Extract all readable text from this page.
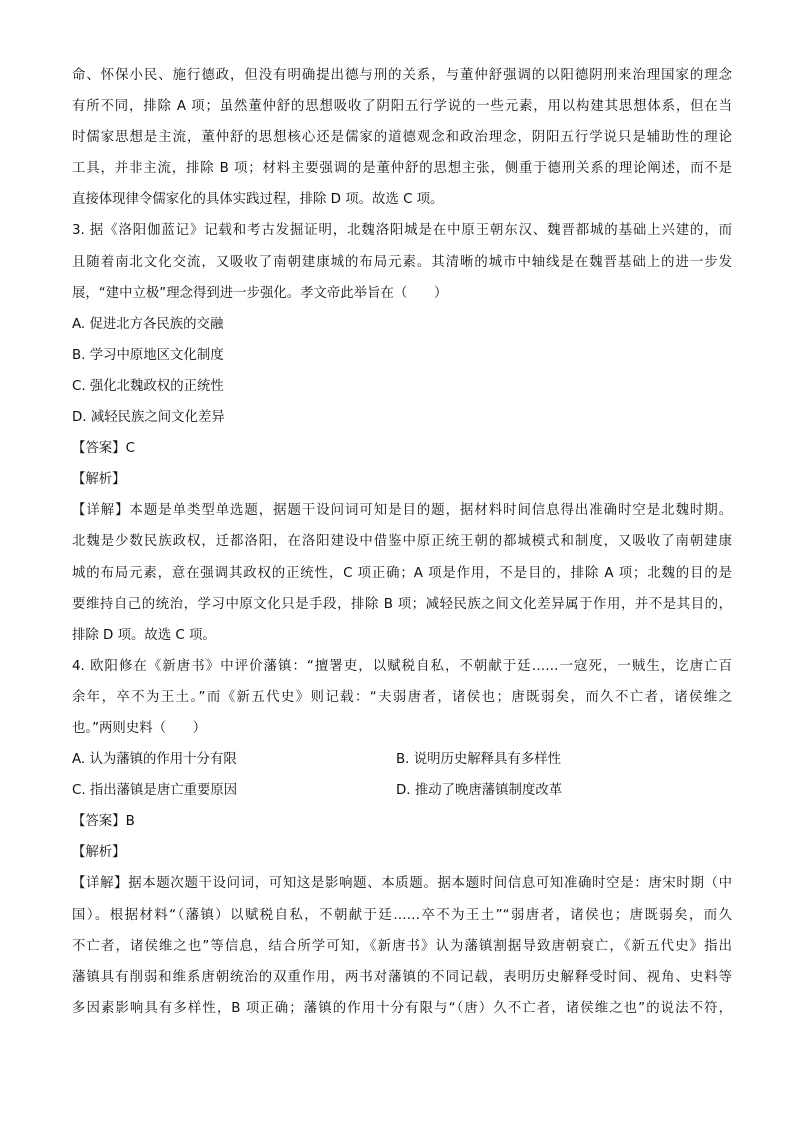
命、怀保小民、施行德政，但没有明确提出德与刑的关系，与董仲舒强调的以阳德阴刑来治理国家的理念
有所不同，排除 A 项；虽然董仲舒的思想吸收了阴阳五行学说的一些元素，用以构建其思想体系，但在当
时儒家思想是主流，董仲舒的思想核心还是儒家的道德观念和政治理念，阴阳五行学说只是辅助性的理论
工具，并非主流，排除 B 项；材料主要强调的是董仲舒的思想主张，侧重于德刑关系的理论阐述，而不是
直接体现律令儒家化的具体实践过程，排除 D 项。故选 C 项。
3. 据《洛阳伽蓝记》记载和考古发掘证明，北魏洛阳城是在中原王朝东汉、魏晋都城的基础上兴建的，而
且随着南北文化交流，又吸收了南朝建康城的布局元素。其清晰的城市中轴线是在魏晋基础上的进一步发
展，“建中立极”理念得到进一步强化。孝文帝此举旨在（　　）
A. 促进北方各民族的交融
B. 学习中原地区文化制度
C. 强化北魏政权的正统性
D. 减轻民族之间文化差异
【答案】C
【解析】
【详解】本题是单类型单选题，据题干设问词可知是目的题，据材料时间信息得出准确时空是北魏时期。
北魏是少数民族政权，迁都洛阳，在洛阳建设中借鉴中原正统王朝的都城模式和制度，又吸收了南朝建康
城的布局元素，意在强调其政权的正统性，C 项正确；A 项是作用，不是目的，排除 A 项；北魏的目的是
要维持自己的统治，学习中原文化只是手段，排除 B 项；减轻民族之间文化差异属于作用，并不是其目的，
排除 D 项。故选 C 项。
4. 欧阳修在《新唐书》中评价藩镇：“擅署吏，以赋税自私，不朝献于廷……一寇死，一贼生，讫唐亡百
余年，卒不为王土。”而《新五代史》则记载：“夫弱唐者，诸侯也；唐既弱矣，而久不亡者，诸侯维之
也。”两则史料（　　）
A. 认为藩镇的作用十分有限	B. 说明历史解释具有多样性
C. 指出藩镇是唐亡重要原因	D. 推动了晚唐藩镇制度改革
【答案】B
【解析】
【详解】据本题次题干设问词，可知这是影响题、本质题。据本题时间信息可知准确时空是：唐宋时期（中
国）。根据材料“（藩镇）以赋税自私，不朝献于廷……卒不为王土”“弱唐者，诸侯也；唐既弱矣，而久
不亡者，诸侯维之也”等信息，结合所学可知，《新唐书》认为藩镇割据导致唐朝衰亡，《新五代史》指出
藩镇具有削弱和维系唐朝统治的双重作用，两书对藩镇的不同记载，表明历史解释受时间、视角、史料等
多因素影响具有多样性，B 项正确；藩镇的作用十分有限与“（唐）久不亡者，诸侯维之也”的说法不符，
